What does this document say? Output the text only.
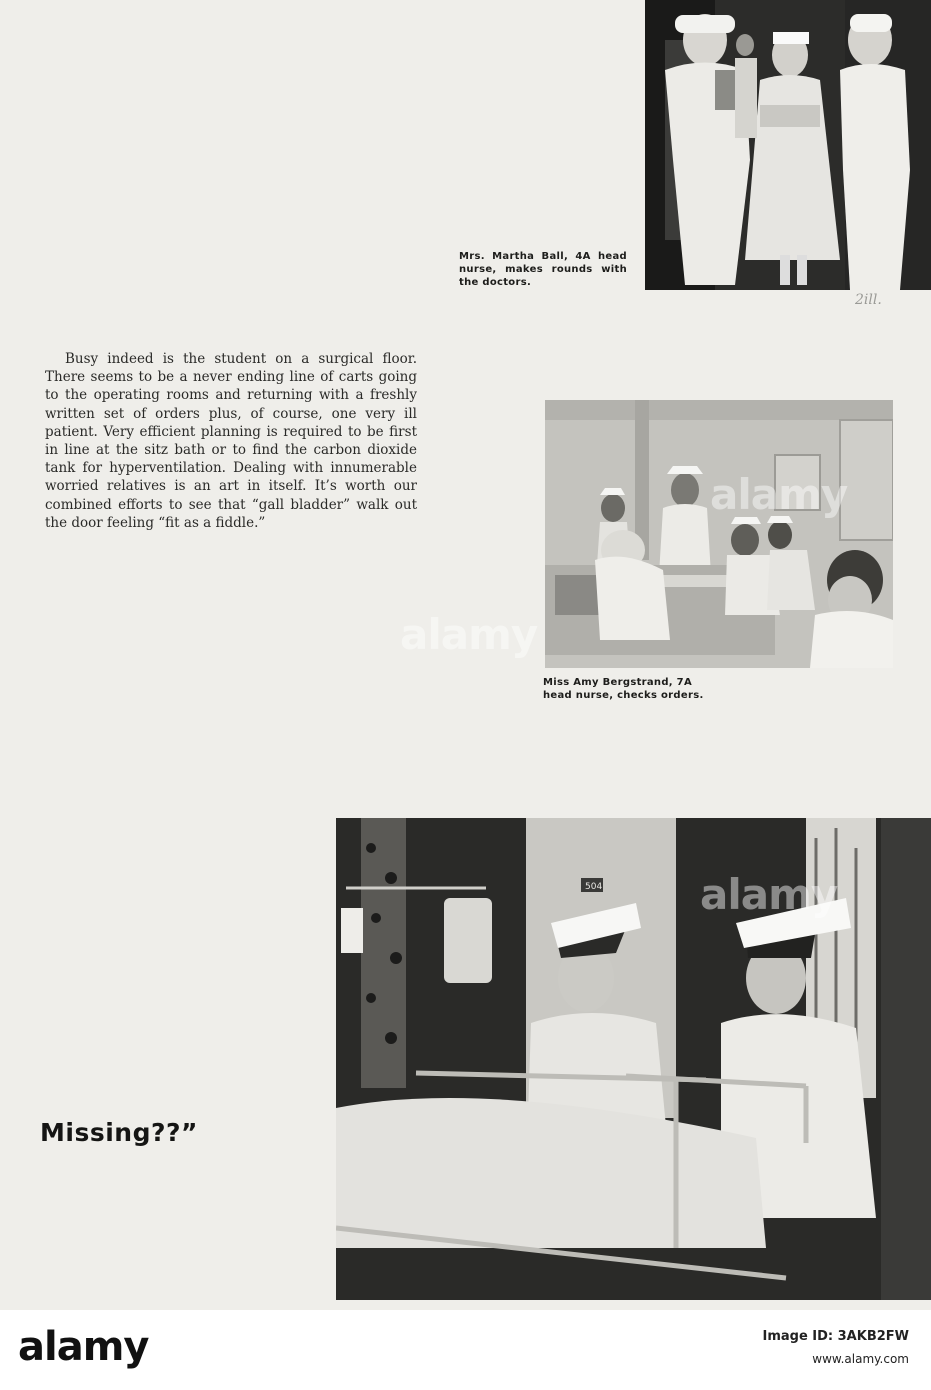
Mrs. Martha Ball, 4A head nurse, makes rounds with the doctors.
2ill.
Busy indeed is the student on a surgical floor. There seems to be a never ending line of carts going to the operating rooms and returning with a freshly written set of orders plus, of course, one very ill patient. Very efficient planning is required to be first in line at the sitz bath or to find the carbon dioxide tank for hyperventilation. Dealing with innumerable worried relatives is an art in itself. It’s worth our combined efforts to see that “gall bladder” walk out the door feeling “fit as a fiddle.”
Miss Amy Bergstrand, 7A head nurse, checks orders.
504
Missing??”
alamy
alamy
alamy
alamy	Image ID: 3AKB2FW
www.alamy.com
